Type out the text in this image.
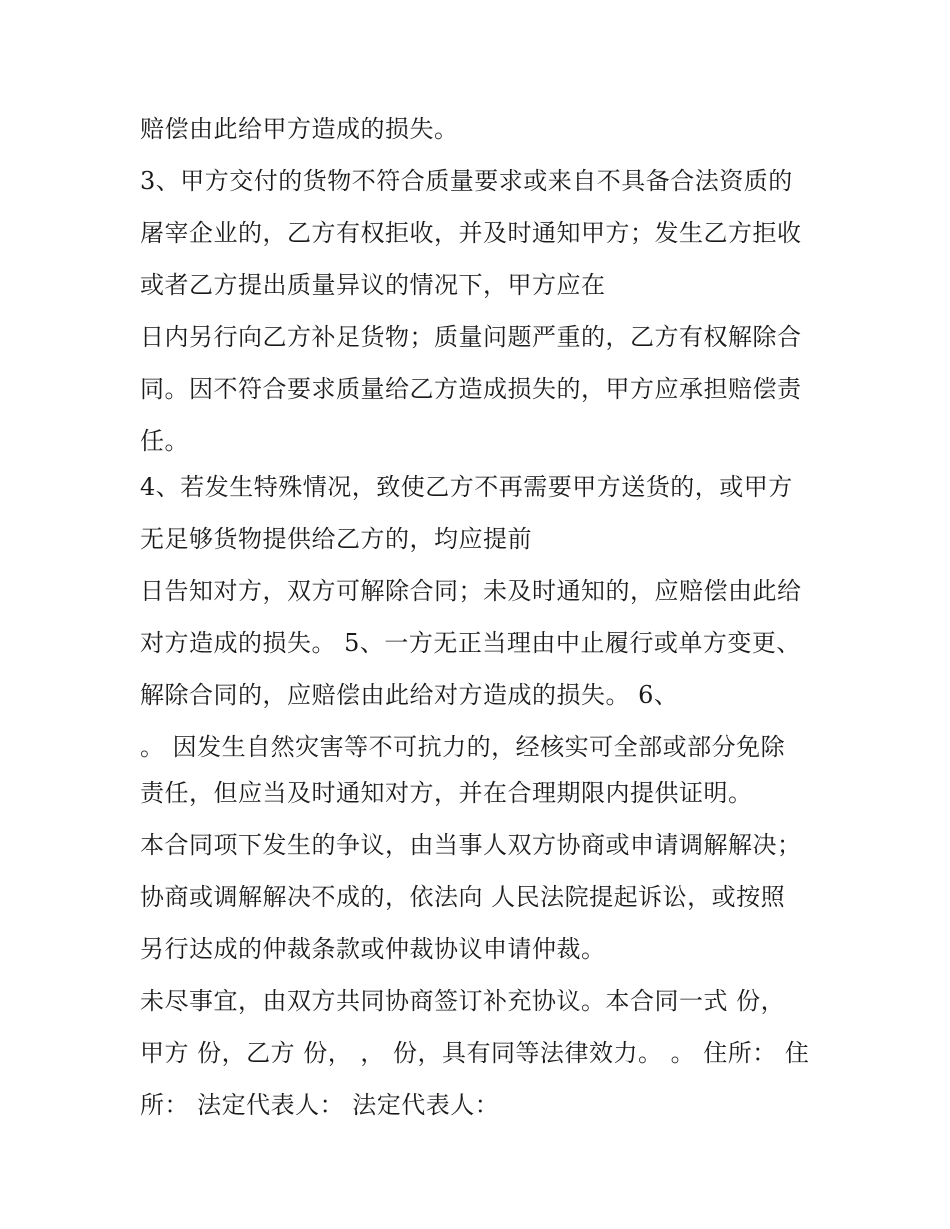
赔偿由此给甲方造成的损失。
3、甲方交付的货物不符合质量要求或来自不具备合法资质的
屠宰企业的，乙方有权拒收，并及时通知甲方；发生乙方拒收
或者乙方提出质量异议的情况下，甲方应在
日内另行向乙方补足货物；质量问题严重的，乙方有权解除合
同。因不符合要求质量给乙方造成损失的，甲方应承担赔偿责
任。
4、若发生特殊情况，致使乙方不再需要甲方送货的，或甲方
无足够货物提供给乙方的，均应提前
日告知对方，双方可解除合同；未及时通知的，应赔偿由此给
对方造成的损失。 5、一方无正当理由中止履行或单方变更、
解除合同的，应赔偿由此给对方造成的损失。 6、
。 因发生自然灾害等不可抗力的，经核实可全部或部分免除
责任，但应当及时通知对方，并在合理期限内提供证明。
本合同项下发生的争议，由当事人双方协商或申请调解解决；
协商或调解解决不成的，依法向 人民法院提起诉讼，或按照
另行达成的仲裁条款或仲裁协议申请仲裁。
未尽事宜，由双方共同协商签订补充协议。本合同一式 份，
甲方 份，乙方 份， ， 份，具有同等法律效力。 。 住所： 住
所： 法定代表人： 法定代表人：
